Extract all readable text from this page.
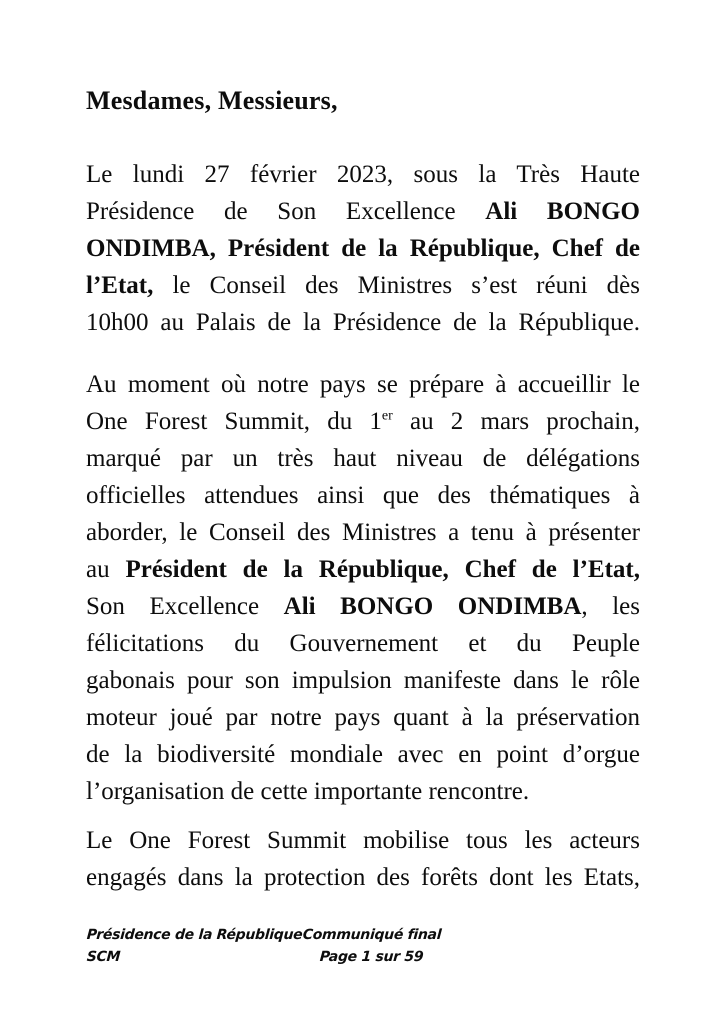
Mesdames, Messieurs,
Le lundi 27 février 2023, sous la Très Haute
Présidence de Son Excellence Ali BONGO
ONDIMBA, Président de la République, Chef de
l’Etat, le Conseil des Ministres s’est réuni dès
10h00 au Palais de la Présidence de la République.
Au moment où notre pays se prépare à accueillir le
One Forest Summit, du 1er au 2 mars prochain,
marqué par un très haut niveau de délégations
officielles attendues ainsi que des thématiques à
aborder, le Conseil des Ministres a tenu à présenter
au Président de la République, Chef de l’Etat,
Son Excellence Ali BONGO ONDIMBA, les
félicitations du Gouvernement et du Peuple
gabonais pour son impulsion manifeste dans le rôle
moteur joué par notre pays quant à la préservation
de la biodiversité mondiale avec en point d’orgue
l’organisation de cette importante rencontre.
Le One Forest Summit mobilise tous les acteurs
engagés dans la protection des forêts dont les Etats,
Présidence de la République
SCM
Communiqué final
Page 1 sur 59
